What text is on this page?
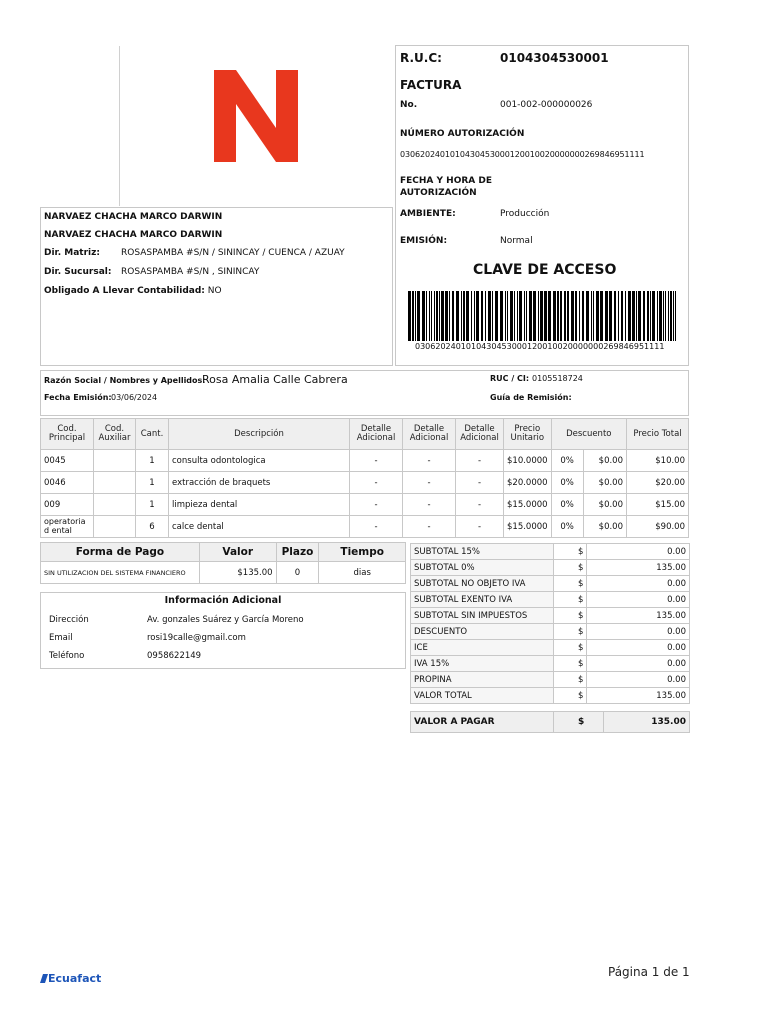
NARVAEZ CHACHA MARCO DARWIN
NARVAEZ CHACHA MARCO DARWIN
Dir. Matriz: ROSASPAMBA #S/N / SININCAY / CUENCA / AZUAY
Dir. Sucursal: ROSASPAMBA #S/N , SININCAY
Obligado A Llevar Contabilidad: NO
R.U.C:	0104304530001
FACTURA
No.	001-002-000000026
NÚMERO AUTORIZACIÓN
0306202401010430453000120010020000000269846951111
FECHA Y HORA DE
AUTORIZACIÓN
AMBIENTE:	Producción
EMISIÓN:	Normal
CLAVE DE ACCESO
0306202401010430453000120010020000000269846951111
Razón Social / Nombres y Apellidos:
Rosa Amalia Calle Cabrera	RUC / CI: 0105518724
Fecha Emisión: 03/06/2024	Guía de Remisión:
Cod. Principal	Cod. Auxiliar	Cant.	Descripción	Detalle Adicional	Detalle Adicional	Detalle Adicional	Precio Unitario	Descuento		Precio Total
0045		1	consulta odontologica	-	-	-	$10.0000	0%	$0.00	$10.00
0046		1	extracción de braquets	-	-	-	$20.0000	0%	$0.00	$20.00
009		1	limpieza dental	-	-	-	$15.0000	0%	$0.00	$15.00
operatoriad ental		6	calce dental	-	-	-	$15.0000	0%	$0.00	$90.00
Forma de Pago	Valor	Plazo	Tiempo
SIN UTILIZACION DEL SISTEMA FINANCIERO	$135.00	0	dias
Información Adicional
Dirección	Av. gonzales Suárez y García Moreno
Email	rosi19calle@gmail.com
Teléfono	0958622149
SUBTOTAL 15%	$	0.00
SUBTOTAL 0%	$	135.00
SUBTOTAL NO OBJETO IVA	$	0.00
SUBTOTAL EXENTO IVA	$	0.00
SUBTOTAL SIN IMPUESTOS	$	135.00
DESCUENTO	$	0.00
ICE	$	0.00
IVA 15%	$	0.00
PROPINA	$	0.00
VALOR TOTAL	$	135.00
VALOR A PAGAR	$	135.00
Ecuafact	Página 1 de 1
